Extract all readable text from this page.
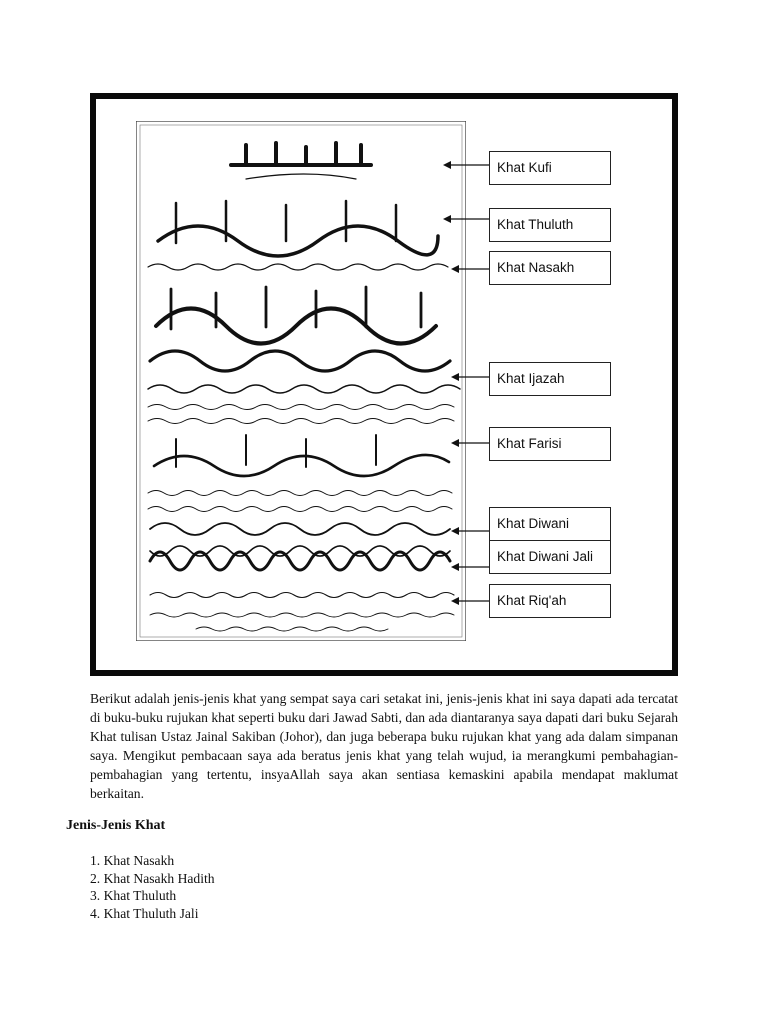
Khat Kufi
Khat Thuluth
Khat Nasakh
Khat Ijazah
Khat Farisi
Khat Diwani
Khat Diwani Jali
Khat Riq'ah

Berikut adalah jenis-jenis khat yang sempat saya cari setakat ini, jenis-jenis khat ini saya dapati ada tercatat di buku-buku rujukan khat seperti buku dari Jawad Sabti, dan ada diantaranya saya dapati dari buku Sejarah Khat tulisan Ustaz Jainal Sakiban (Johor), dan juga beberapa buku rujukan khat yang ada dalam simpanan saya. Mengikut pembacaan saya ada beratus jenis khat yang telah wujud, ia merangkumi pembahagian-pembahagian yang tertentu, insyaAllah saya akan sentiasa kemaskini apabila mendapat maklumat berkaitan.

Jenis-Jenis Khat
1. Khat Nasakh
2. Khat Nasakh Hadith
3. Khat Thuluth
4. Khat Thuluth Jali
